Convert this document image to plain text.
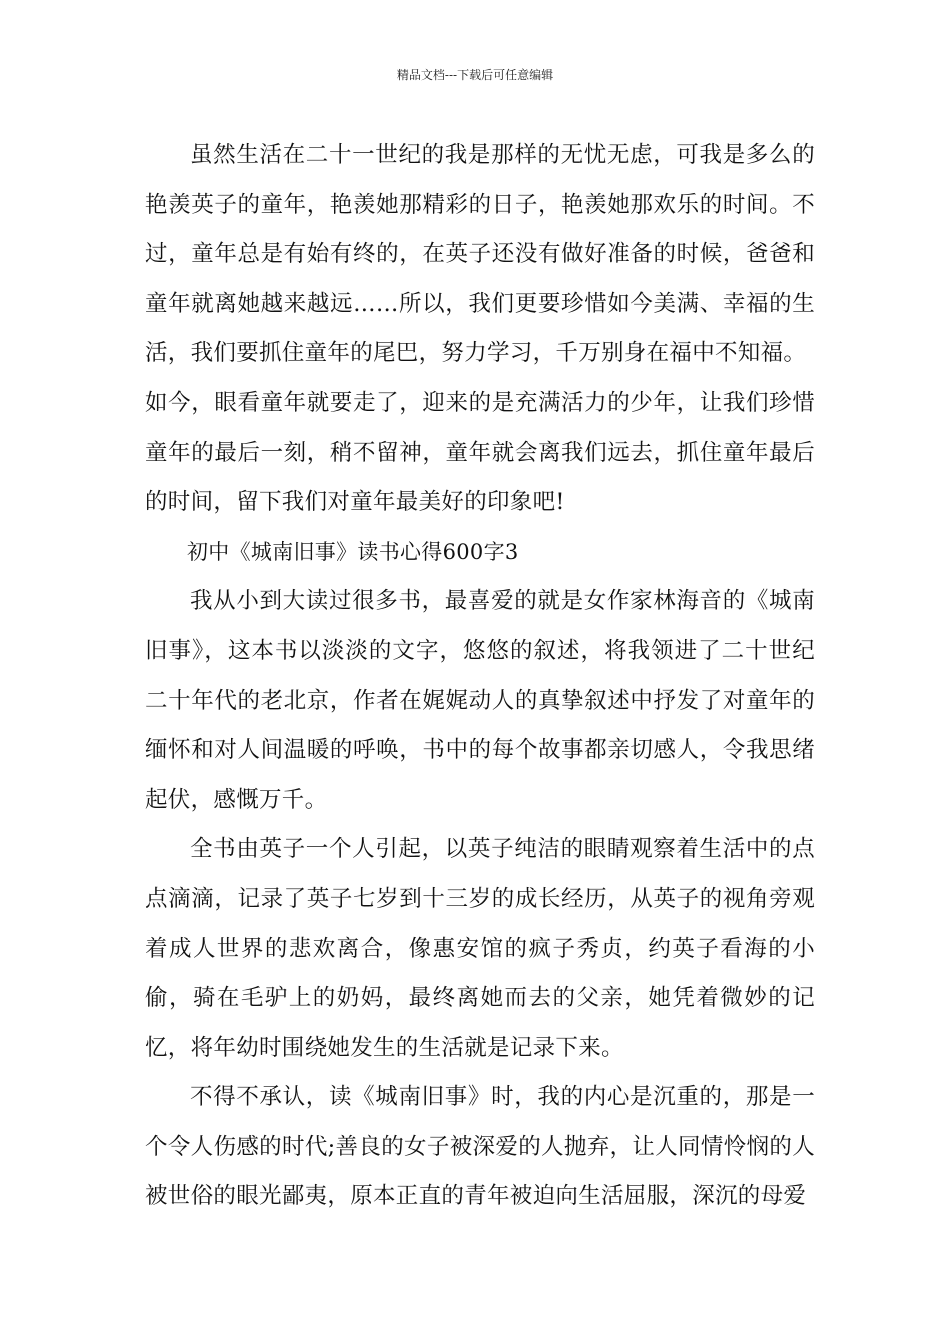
精品文档---下载后可任意编辑

虽然生活在二十一世纪的我是那样的无忧无虑，可我是多么的艳羡英子的童年，艳羡她那精彩的日子，艳羡她那欢乐的时间。不过，童年总是有始有终的，在英子还没有做好准备的时候，爸爸和童年就离她越来越远……所以，我们更要珍惜如今美满、幸福的生活，我们要抓住童年的尾巴，努力学习，千万别身在福中不知福。

如今，眼看童年就要走了，迎来的是充满活力的少年，让我们珍惜童年的最后一刻，稍不留神，童年就会离我们远去，抓住童年最后的时间，留下我们对童年最美好的印象吧!

初中《城南旧事》读书心得600字3

我从小到大读过很多书，最喜爱的就是女作家林海音的《城南旧事》，这本书以淡淡的文字，悠悠的叙述，将我领进了二十世纪二十年代的老北京，作者在娓娓动人的真挚叙述中抒发了对童年的缅怀和对人间温暖的呼唤，书中的每个故事都亲切感人，令我思绪起伏，感慨万千。

全书由英子一个人引起，以英子纯洁的眼睛观察着生活中的点点滴滴，记录了英子七岁到十三岁的成长经历，从英子的视角旁观着成人世界的悲欢离合，像惠安馆的疯子秀贞，约英子看海的小偷，骑在毛驴上的奶妈，最终离她而去的父亲，她凭着微妙的记忆，将年幼时围绕她发生的生活就是记录下来。

不得不承认，读《城南旧事》时，我的内心是沉重的，那是一个令人伤感的时代;善良的女子被深爱的人抛弃，让人同情怜悯的人被世俗的眼光鄙夷，原本正直的青年被迫向生活屈服，深沉的母爱
